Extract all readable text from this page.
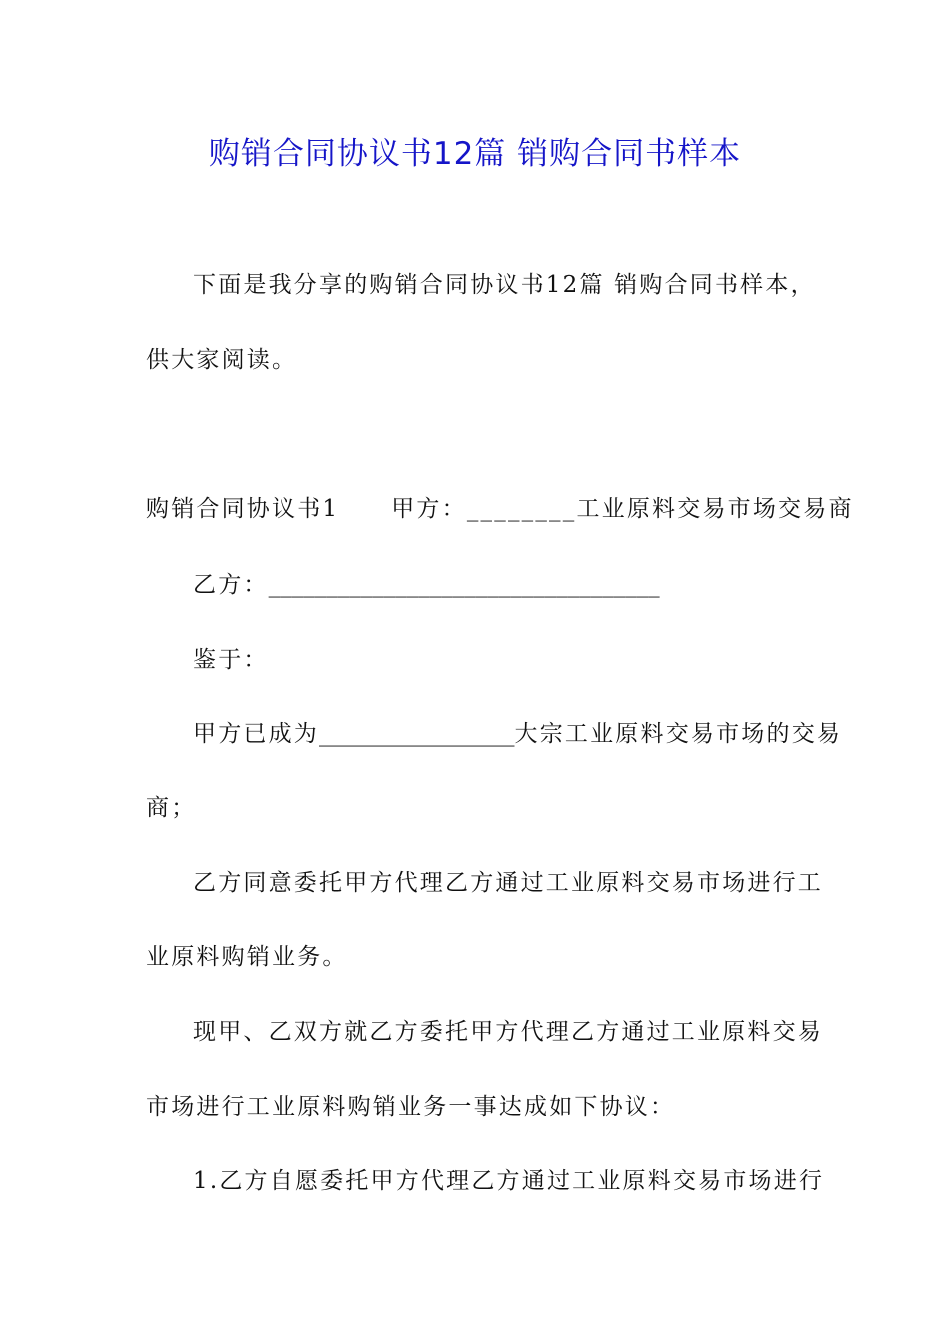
购销合同协议书12篇 销购合同书样本
下面是我分享的购销合同协议书12篇 销购合同书样本，
供大家阅读。
购销合同协议书1 甲方：________工业原料交易市场交易商
乙方：__________________________________
鉴于：
甲方已成为_________________大宗工业原料交易市场的交易
商；
乙方同意委托甲方代理乙方通过工业原料交易市场进行工
业原料购销业务。
现甲、乙双方就乙方委托甲方代理乙方通过工业原料交易
市场进行工业原料购销业务一事达成如下协议：
1.乙方自愿委托甲方代理乙方通过工业原料交易市场进行
